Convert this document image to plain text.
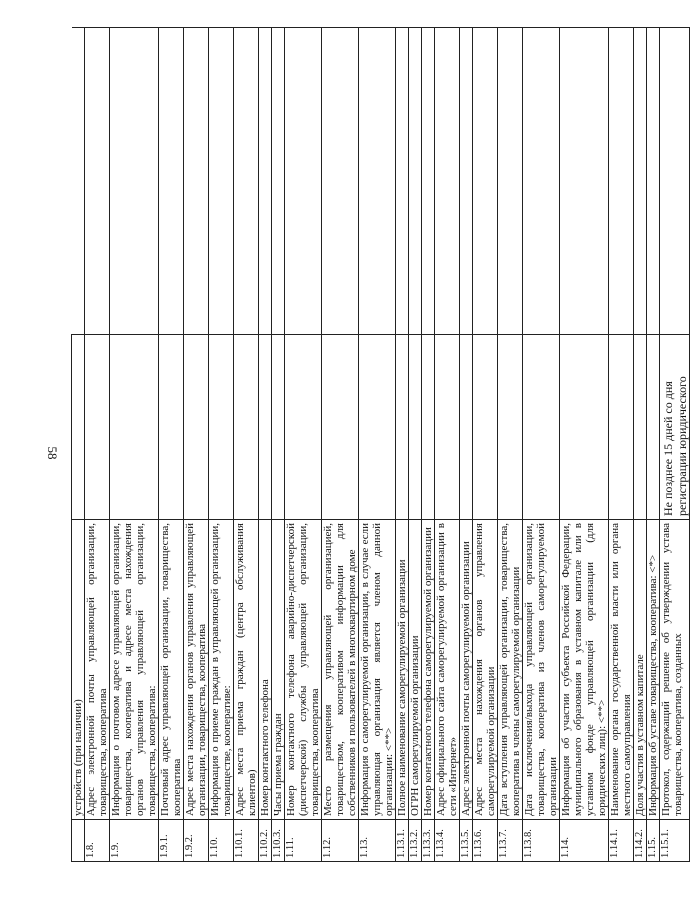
58
	устройств (при наличии)		
1.8.	Адрес электронной почты управляющей организации, товарищества, кооператива		
1.9.	Информация о почтовом адресе управляющей организации, товарищества, кооператива и адресе места нахождения органов управления управляющей организации, товарищества, кооператива:		
1.9.1.	Почтовый адрес управляющей организации, товарищества, кооператива		
1.9.2.	Адрес места нахождения органов управления управляющей организации, товарищества, кооператива		
1.10.	Информация о приеме граждан в управляющей организации, товариществе, кооперативе:		
1.10.1.	Адрес места приема граждан (центра обслуживания клиентов)		
1.10.2.	Номер контактного телефона		
1.10.3.	Часы приема граждан		
1.11.	Номер контактного телефона аварийно-диспетчерской (диспетчерской) службы управляющей организации, товарищества, кооператива		
1.12.	Место размещения управляющей организацией, товариществом, кооперативом информации для собственников и пользователей в многоквартирном доме		
1.13.	Информация о саморегулируемой организации, в случае если управляющая организация является членом данной организации: <**>		
1.13.1.	Полное наименование саморегулируемой организации		
1.13.2.	ОГРН саморегулируемой организации		
1.13.3.	Номер контактного телефона саморегулируемой организации		
1.13.4.	Адрес официального сайта саморегулируемой организации в сети «Интернет»		
1.13.5.	Адрес электронной почты саморегулируемой организации		
1.13.6.	Адрес места нахождения органов управления саморегулируемой организации		
1.13.7.	Дата вступления управляющей организации, товарищества, кооператива в члены саморегулируемой организации		
1.13.8.	Дата исключения/выхода управляющей организации, товарищества, кооператива из членов саморегулируемой организации		
1.14.	Информация об участии субъекта Российской Федерации, муниципального образования в уставном капитале или в уставном фонде управляющей организации (для юридических лиц): <**>		
1.14.1.	Наименование органа государственной власти или органа местного самоуправления		
1.14.2.	Доля участия в уставном капитале		
1.15.	Информация об уставе товарищества, кооператива: <*>		
1.15.1.	Протокол, содержащий решение об утверждении устава товарищества, кооператива, созданных	Не позднее 15 дней со дня регистрации юридического	
